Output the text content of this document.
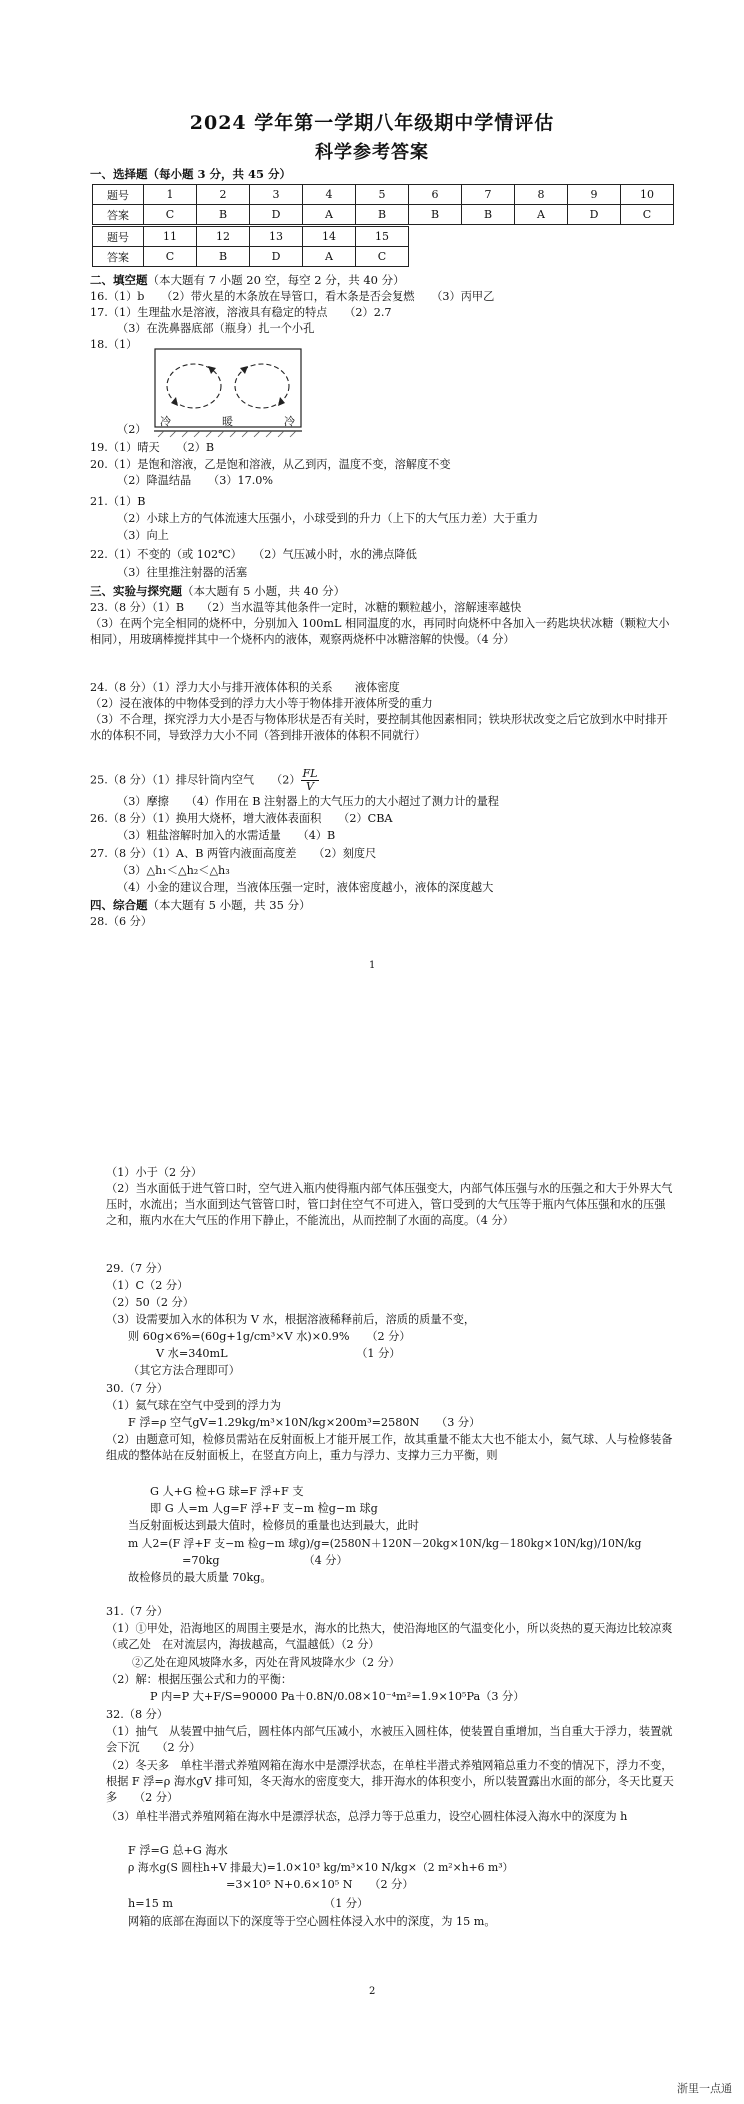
2024 学年第一学期八年级期中学情评估
科学参考答案
一、选择题（每小题 3 分，共 45 分）
题号	1	2	3	4	5	6	7	8	9	10
答案	C	B	D	A	B	B	B	A	D	C
题号	11	12	13	14	15
答案	C	B	D	A	C
二、填空题（本大题有 7 小题 20 空，每空 2 分，共 40 分）
16.（1）b　　（2）带火星的木条放在导管口，看木条是否会复燃　　（3）丙甲乙
17.（1）生理盐水是溶液，溶液具有稳定的特点　　（2）2.7
（3）在洗鼻器底部（瓶身）扎一个小孔
18.（1）
冷	暖	冷
（2）
19.（1）晴天　　（2）B
20.（1）是饱和溶液，乙是饱和溶液，从乙到丙，温度不变，溶解度不变
（2）降温结晶　　（3）17.0%
21.（1）B
（2）小球上方的气体流速大压强小，小球受到的升力（上下的大气压力差）大于重力
（3）向上
22.（1）不变的（或 102℃）　　（2）气压减小时，水的沸点降低
（3）往里推注射器的活塞
三、实验与探究题（本大题有 5 小题，共 40 分）
23.（8 分）（1）B　　（2）当水温等其他条件一定时，冰糖的颗粒越小，溶解速率越快
（3）在两个完全相同的烧杯中，分别加入 100mL 相同温度的水，再同时向烧杯中各加入一药匙块状冰糖（颗粒大小相同），用玻璃棒搅拌其中一个烧杯内的液体，观察两烧杯中冰糖溶解的快慢。（4 分）
24.（8 分）（1）浮力大小与排开液体体积的关系　　液体密度
（2）浸在液体的中物体受到的浮力大小等于物体排开液体所受的重力
（3）不合理，探究浮力大小是否与物体形状是否有关时，要控制其他因素相同；铁块形状改变之后它放到水中时排开水的体积不同，导致浮力大小不同（答到排开液体的体积不同就行）
25.（8 分）（1）排尽针筒内空气　　$(2) \frac{FL}{V}$
（3）摩擦　　（4）作用在 B 注射器上的大气压力的大小超过了测力计的量程
26.（8 分）（1）换用大烧杯，增大液体表面积　　（2）CBA
（3）粗盐溶解时加入的水需适量　　（4）B
27.（8 分）（1）A、B 两管内液面高度差　　（2）刻度尺
（3）△h₁＜△h₂＜△h₃
（4）小金的建议合理，当液体压强一定时，液体密度越小，液体的深度越大
四、综合题（本大题有 5 小题，共 35 分）
28.（6 分）
1
（1）小于（2 分）
（2）当水面低于进气管口时，空气进入瓶内使得瓶内部气体压强变大，内部气体压强与水的压强之和大于外界大气压时，水流出；当水面到达气管管口时，管口封住空气不可进入，管口受到的大气压等于瓶内气体压强和水的压强之和，瓶内水在大气压的作用下静止，不能流出，从而控制了水面的高度。（4 分）
29.（7 分）
（1）C（2 分）
（2）50（2 分）
（3）设需要加入水的体积为 V 水，根据溶液稀释前后，溶质的质量不变，
则 60g×6%=(60g+1g/cm³×V 水)×0.9%　　（2 分）
V 水=340mL　　　　　　　　　　　　（1 分）
（其它方法合理即可）
30.（7 分）
（1）氦气球在空气中受到的浮力为
F 浮=ρ 空气gV=1.29kg/m³×10N/kg×200m³=2580N　　（3 分）
（2）由题意可知，检修员需站在反射面板上才能开展工作，故其重量不能太大也不能太小，氦气球、人与检修装备组成的整体站在反射面板上，在竖直方向上，重力与浮力、支撑力三力平衡，则
G 人+G 检+G 球=F 浮+F 支
即 G 人=m 人g=F 浮+F 支−m 检g−m 球g
当反射面板达到最大值时，检修员的重量也达到最大，此时
m 人2=(F 浮+F 支−m 检g−m 球g)/g=(2580N＋120N－20kg×10N/kg－180kg×10N/kg)/10N/kg
=70kg　　　　　　　　（4 分）
故检修员的最大质量 70kg。
31.（7 分）
（1）①甲处，沿海地区的周围主要是水，海水的比热大，使沿海地区的气温变化小，所以炎热的夏天海边比较凉爽（或乙处　在对流层内，海拔越高，气温越低）（2 分）
②乙处在迎风坡降水多，丙处在背风坡降水少（2 分）
（2）解：根据压强公式和力的平衡：
P 内=P 大+F/S=90000 Pa＋0.8N/0.08×10⁻⁴m²=1.9×10⁵Pa（3 分）
32.（8 分）
（1）抽气　从装置中抽气后，圆柱体内部气压减小，水被压入圆柱体，使装置自重增加，当自重大于浮力，装置就会下沉　　（2 分）
（2）冬天多　单柱半潜式养殖网箱在海水中是漂浮状态，在单柱半潜式养殖网箱总重力不变的情况下，浮力不变，根据 F 浮=ρ 海水gV 排可知，冬天海水的密度变大，排开海水的体积变小，所以装置露出水面的部分，冬天比夏天多　　（2 分）
（3）单柱半潜式养殖网箱在海水中是漂浮状态，总浮力等于总重力，设空心圆柱体浸入海水中的深度为 h
F 浮=G 总+G 海水
ρ 海水g(S 圆柱h+V 排最大)=1.0×10³ kg/m³×10 N/kg×（2 m²×h+6 m³）
=3×10⁵ N+0.6×10⁵ N　　（2 分）
h=15 m　　　　　　　　　　　　　　（1 分）
网箱的底部在海面以下的深度等于空心圆柱体浸入水中的深度，为 15 m。
2
浙里一点通
